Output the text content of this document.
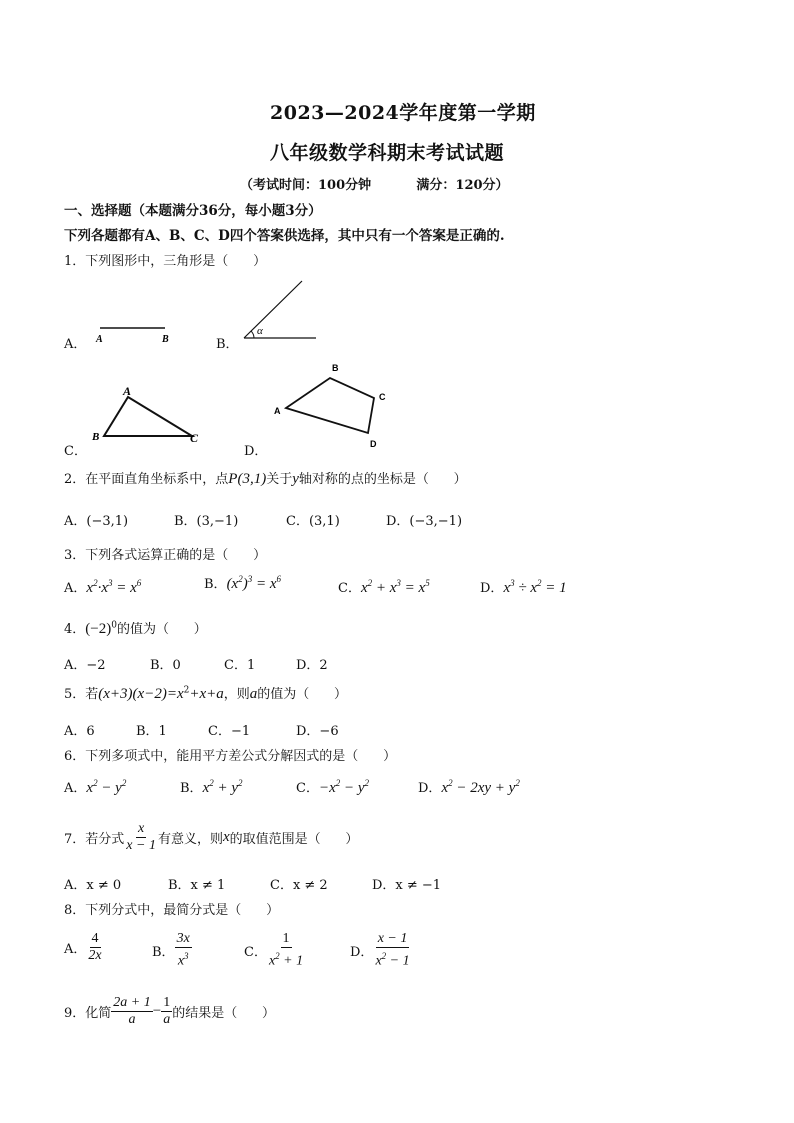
2023—2024学年度第一学期
八年级数学科期末考试试题
（考试时间：100分钟          满分：120分）
一、选择题（本题满分36分，每小题3分）
下列各题都有A、B、C、D四个答案供选择，其中只有一个答案是正确的.
1．下列图形中，三角形是（      ）
A． A	B	B．
α
C．
A
B	C
D．
A
B
C
D
2．在平面直角坐标系中，点P(3,1)关于y轴对称的点的坐标是（      ）
A．(−3,1)	B．(3,−1)	C．(3,1)	D．(−3,−1)
3．下列各式运算正确的是（      ）
A．$x^2\cdot x^3 = x^6$	B．$(x^2)^3 = x^6$
C．$x^2 + x^3 = x^5$	D．$x^3 \div x^2 = 1$
4．$(-2)^0$的值为（      ）
A．−2	B．0	C．1	D．2
5．若$(x+3)(x-2)=x^2+x+a$，则a的值为（      ）
A．6	B．1	C．−1	D．−6
6．下列多项式中，能用平方差公式分解因式的是（      ）
A．$x^2 - y^2$	B．$x^2 + y^2$	C．$-x^2 - y^2$	D．$x^2 - 2xy + y^2$
7．若分式 $\frac{x}{x - 1}$ 有意义，则 x 的取值范围是（      ）
A．x ≠ 0	B．x ≠ 1	C．x ≠ 2	D．x ≠ −1
8．下列分式中，最简分式是（      ）
A． $\frac{4}{2x}$	B． $\frac{3x}{x^3}$	C． $\frac{1}{x^2 + 1}$	D． $\frac{x - 1}{x^2 - 1}$
9．化简 $\frac{2a + 1}{a} - \frac{1}{a}$ 的结果是（      ）
